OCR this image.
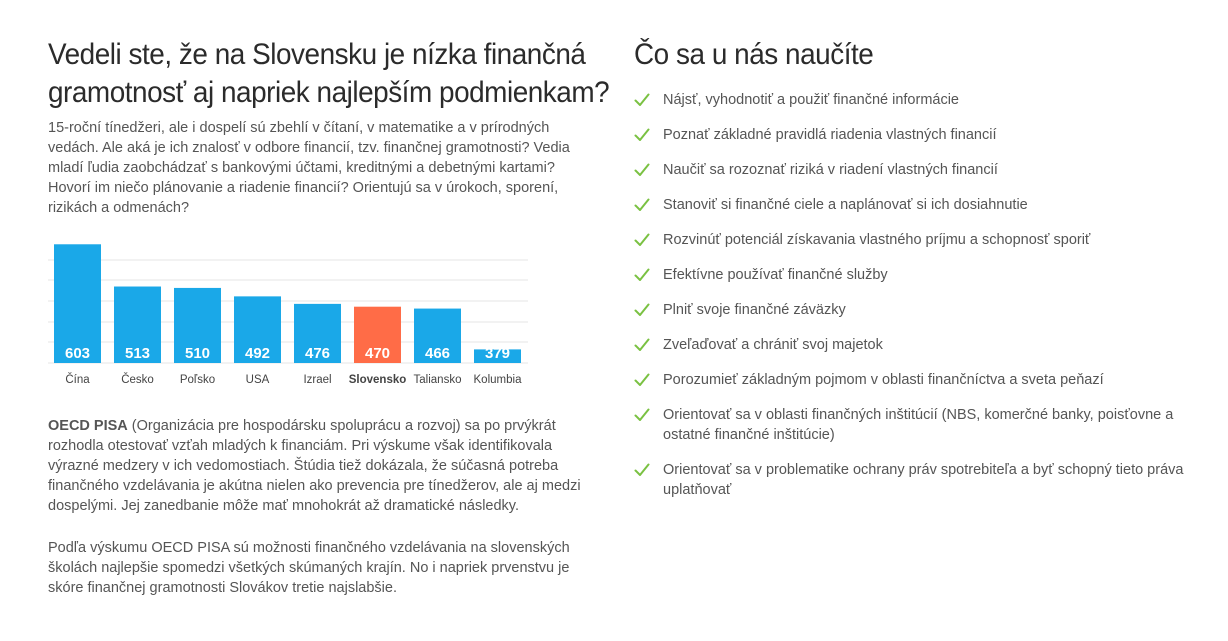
Vedeli ste, že na Slovensku je nízka finančná
gramotnosť aj napriek najlepším podmienkam?

15-roční tínedžeri, ale i dospelí sú zbehlí v čítaní, v matematike a v prírodných vedách. Ale aká je ich znalosť v odbore financií, tzv. finančnej gramotnosti? Vedia mladí ľudia zaobchádzať s bankovými účtami, kreditnými a debetnými kartami? Hovorí im niečo plánovanie a riadenie financií? Orientujú sa v úrokoch, sporení, rizikách a odmenách?

603
Čína
513
Česko
510
Poľsko
492
USA
476
Izrael
470
Slovensko
466
Taliansko
379
Kolumbia

OECD PISA (Organizácia pre hospodársku spoluprácu a rozvoj) sa po prvýkrát rozhodla otestovať vzťah mladých k financiám. Pri výskume však identifikovala výrazné medzery v ich vedomostiach. Štúdia tiež dokázala, že súčasná potreba finančného vzdelávania je akútna nielen ako prevencia pre tínedžerov, ale aj medzi dospelými. Jej zanedbanie môže mať mnohokrát až dramatické následky.

Podľa výskumu OECD PISA sú možnosti finančného vzdelávania na slovenských školách najlepšie spomedzi všetkých skúmaných krajín. No i napriek prvenstvu je skóre finančnej gramotnosti Slovákov tretie najslabšie.

Čo sa u nás naučíte
Nájsť, vyhodnotiť a použiť finančné informácie
Poznať základné pravidlá riadenia vlastných financií
Naučiť sa rozoznať riziká v riadení vlastných financií
Stanoviť si finančné ciele a naplánovať si ich dosiahnutie
Rozvinúť potenciál získavania vlastného príjmu a schopnosť sporiť
Efektívne používať finančné služby
Plniť svoje finančné záväzky
Zveľaďovať a chrániť svoj majetok
Porozumieť základným pojmom v oblasti finančníctva a sveta peňazí
Orientovať sa v oblasti finančných inštitúcií (NBS, komerčné banky, poisťovne a ostatné finančné inštitúcie)
Orientovať sa v problematike ochrany práv spotrebiteľa a byť schopný tieto práva uplatňovať
